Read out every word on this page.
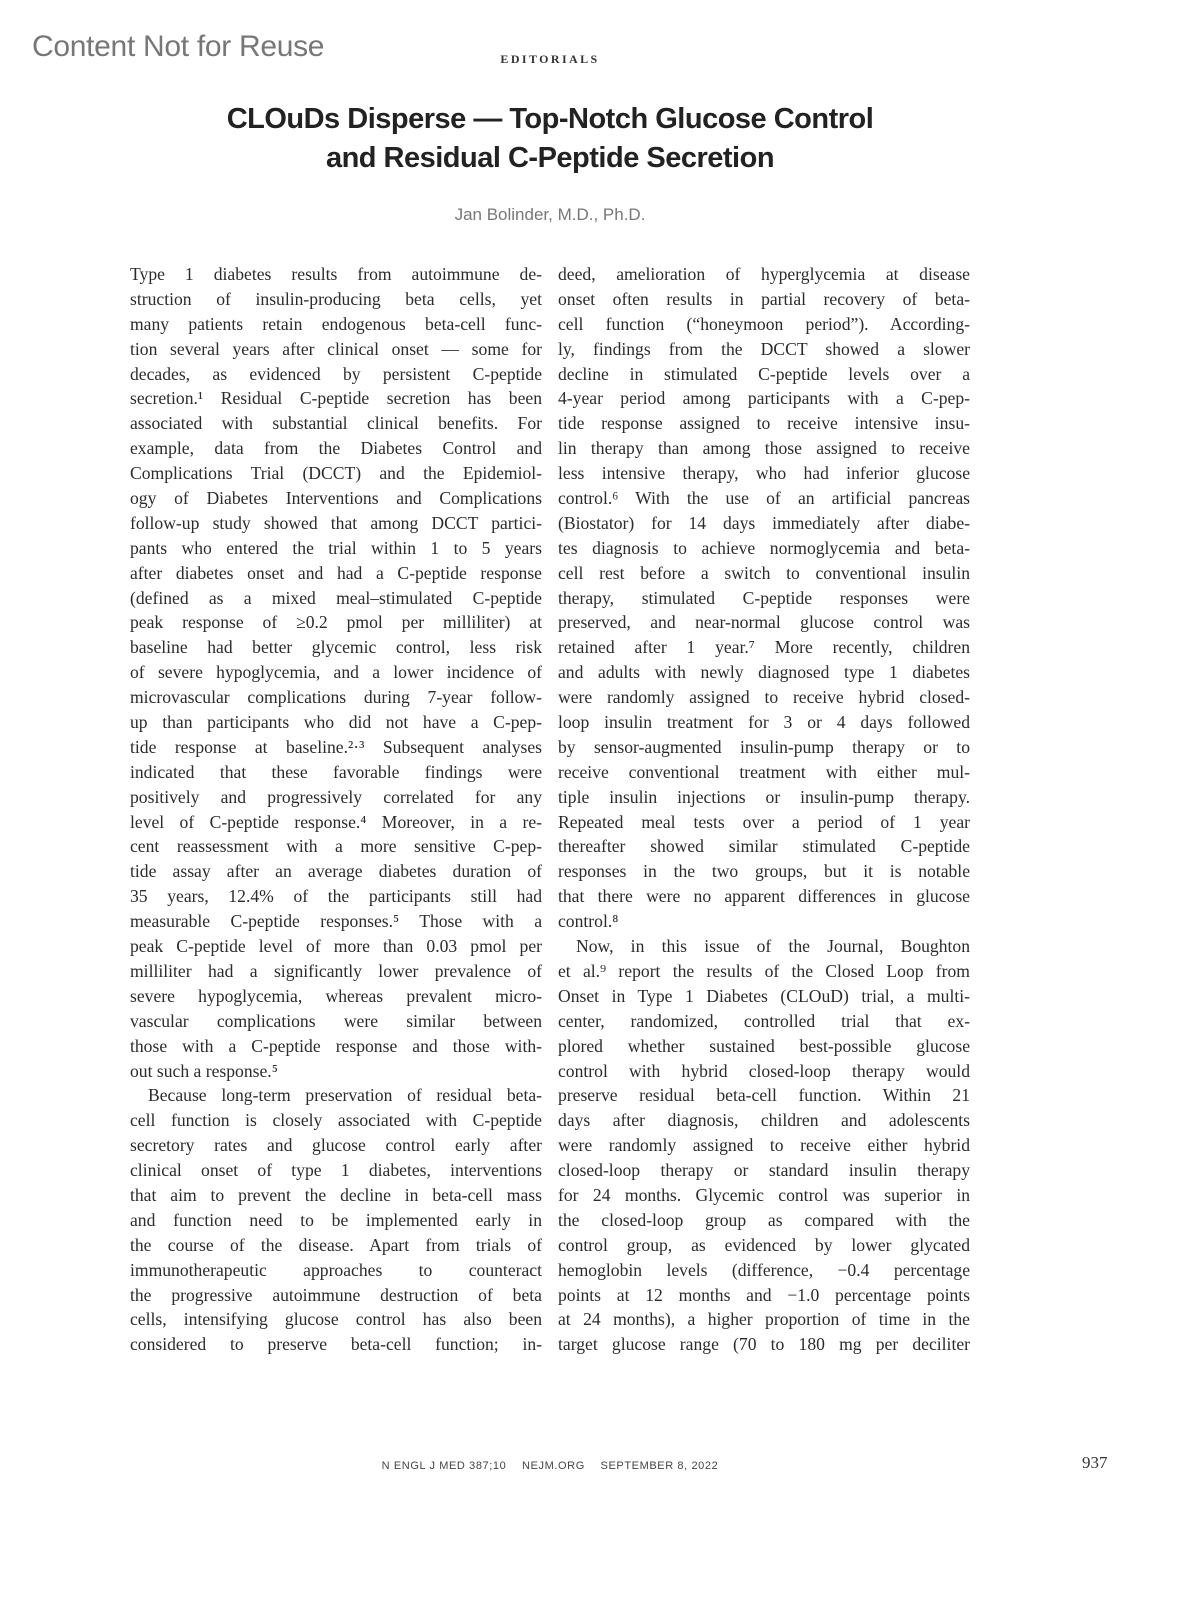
Content Not for Reuse	EDITORIALS
CLOuDs Disperse — Top-Notch Glucose Control
and Residual C-Peptide Secretion
Jan Bolinder, M.D., Ph.D.
Type 1 diabetes results from autoimmune de-
struction of insulin-producing beta cells, yet
many patients retain endogenous beta-cell func-
tion several years after clinical onset — some for
decades, as evidenced by persistent C-peptide
secretion.¹ Residual C-peptide secretion has been
associated with substantial clinical benefits. For
example, data from the Diabetes Control and
Complications Trial (DCCT) and the Epidemiol-
ogy of Diabetes Interventions and Complications
follow-up study showed that among DCCT partici-
pants who entered the trial within 1 to 5 years
after diabetes onset and had a C-peptide response
(defined as a mixed meal–stimulated C-peptide
peak response of ≥0.2 pmol per milliliter) at
baseline had better glycemic control, less risk
of severe hypoglycemia, and a lower incidence of
microvascular complications during 7-year follow-
up than participants who did not have a C-pep-
tide response at baseline.²·³ Subsequent analyses
indicated that these favorable findings were
positively and progressively correlated for any
level of C-peptide response.⁴ Moreover, in a re-
cent reassessment with a more sensitive C-pep-
tide assay after an average diabetes duration of
35 years, 12.4% of the participants still had
measurable C-peptide responses.⁵ Those with a
peak C-peptide level of more than 0.03 pmol per
milliliter had a significantly lower prevalence of
severe hypoglycemia, whereas prevalent micro-
vascular complications were similar between
those with a C-peptide response and those with-
out such a response.⁵
Because long-term preservation of residual beta-
cell function is closely associated with C-peptide
secretory rates and glucose control early after
clinical onset of type 1 diabetes, interventions
that aim to prevent the decline in beta-cell mass
and function need to be implemented early in
the course of the disease. Apart from trials of
immunotherapeutic approaches to counteract
the progressive autoimmune destruction of beta
cells, intensifying glucose control has also been
considered to preserve beta-cell function; in-
deed, amelioration of hyperglycemia at disease
onset often results in partial recovery of beta-
cell function (“honeymoon period”). According-
ly, findings from the DCCT showed a slower
decline in stimulated C-peptide levels over a
4-year period among participants with a C-pep-
tide response assigned to receive intensive insu-
lin therapy than among those assigned to receive
less intensive therapy, who had inferior glucose
control.⁶ With the use of an artificial pancreas
(Biostator) for 14 days immediately after diabe-
tes diagnosis to achieve normoglycemia and beta-
cell rest before a switch to conventional insulin
therapy, stimulated C-peptide responses were
preserved, and near-normal glucose control was
retained after 1 year.⁷ More recently, children
and adults with newly diagnosed type 1 diabetes
were randomly assigned to receive hybrid closed-
loop insulin treatment for 3 or 4 days followed
by sensor-augmented insulin-pump therapy or to
receive conventional treatment with either mul-
tiple insulin injections or insulin-pump therapy.
Repeated meal tests over a period of 1 year
thereafter showed similar stimulated C-peptide
responses in the two groups, but it is notable
that there were no apparent differences in glucose
control.⁸
Now, in this issue of the Journal, Boughton
et al.⁹ report the results of the Closed Loop from
Onset in Type 1 Diabetes (CLOuD) trial, a multi-
center, randomized, controlled trial that ex-
plored whether sustained best-possible glucose
control with hybrid closed-loop therapy would
preserve residual beta-cell function. Within 21
days after diagnosis, children and adolescents
were randomly assigned to receive either hybrid
closed-loop therapy or standard insulin therapy
for 24 months. Glycemic control was superior in
the closed-loop group as compared with the
control group, as evidenced by lower glycated
hemoglobin levels (difference, −0.4 percentage
points at 12 months and −1.0 percentage points
at 24 months), a higher proportion of time in the
target glucose range (70 to 180 mg per deciliter
N ENGL J MED 387;10 NEJM.ORG SEPTEMBER 8, 2022	937
